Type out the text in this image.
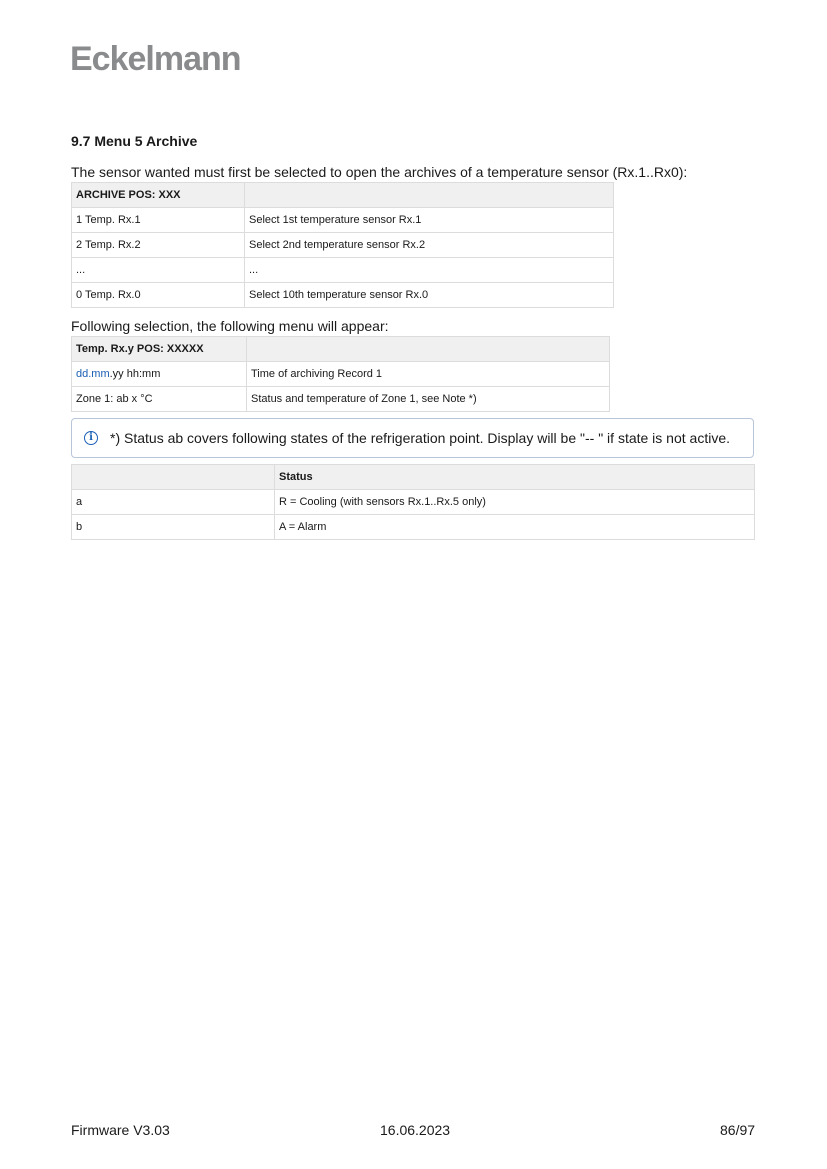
Eckelmann
9.7 Menu 5 Archive
The sensor wanted must first be selected to open the archives of a temperature sensor (Rx.1..Rx0):
ARCHIVE POS: XXX	
1 Temp. Rx.1	Select 1st temperature sensor Rx.1
2 Temp. Rx.2	Select 2nd temperature sensor Rx.2
...	...
0 Temp. Rx.0	Select 10th temperature sensor Rx.0
Following selection, the following menu will appear:
Temp. Rx.y POS: XXXXX	
dd.mm.yy hh:mm	Time of archiving Record 1
Zone 1: ab x °C	Status and temperature of Zone 1, see Note *)
i	*) Status ab covers following states of the refrigeration point. Display will be "-- " if state is not active.
	Status
a	R = Cooling (with sensors Rx.1..Rx.5 only)
b	A = Alarm
Firmware V3.03	16.06.2023	86/97
